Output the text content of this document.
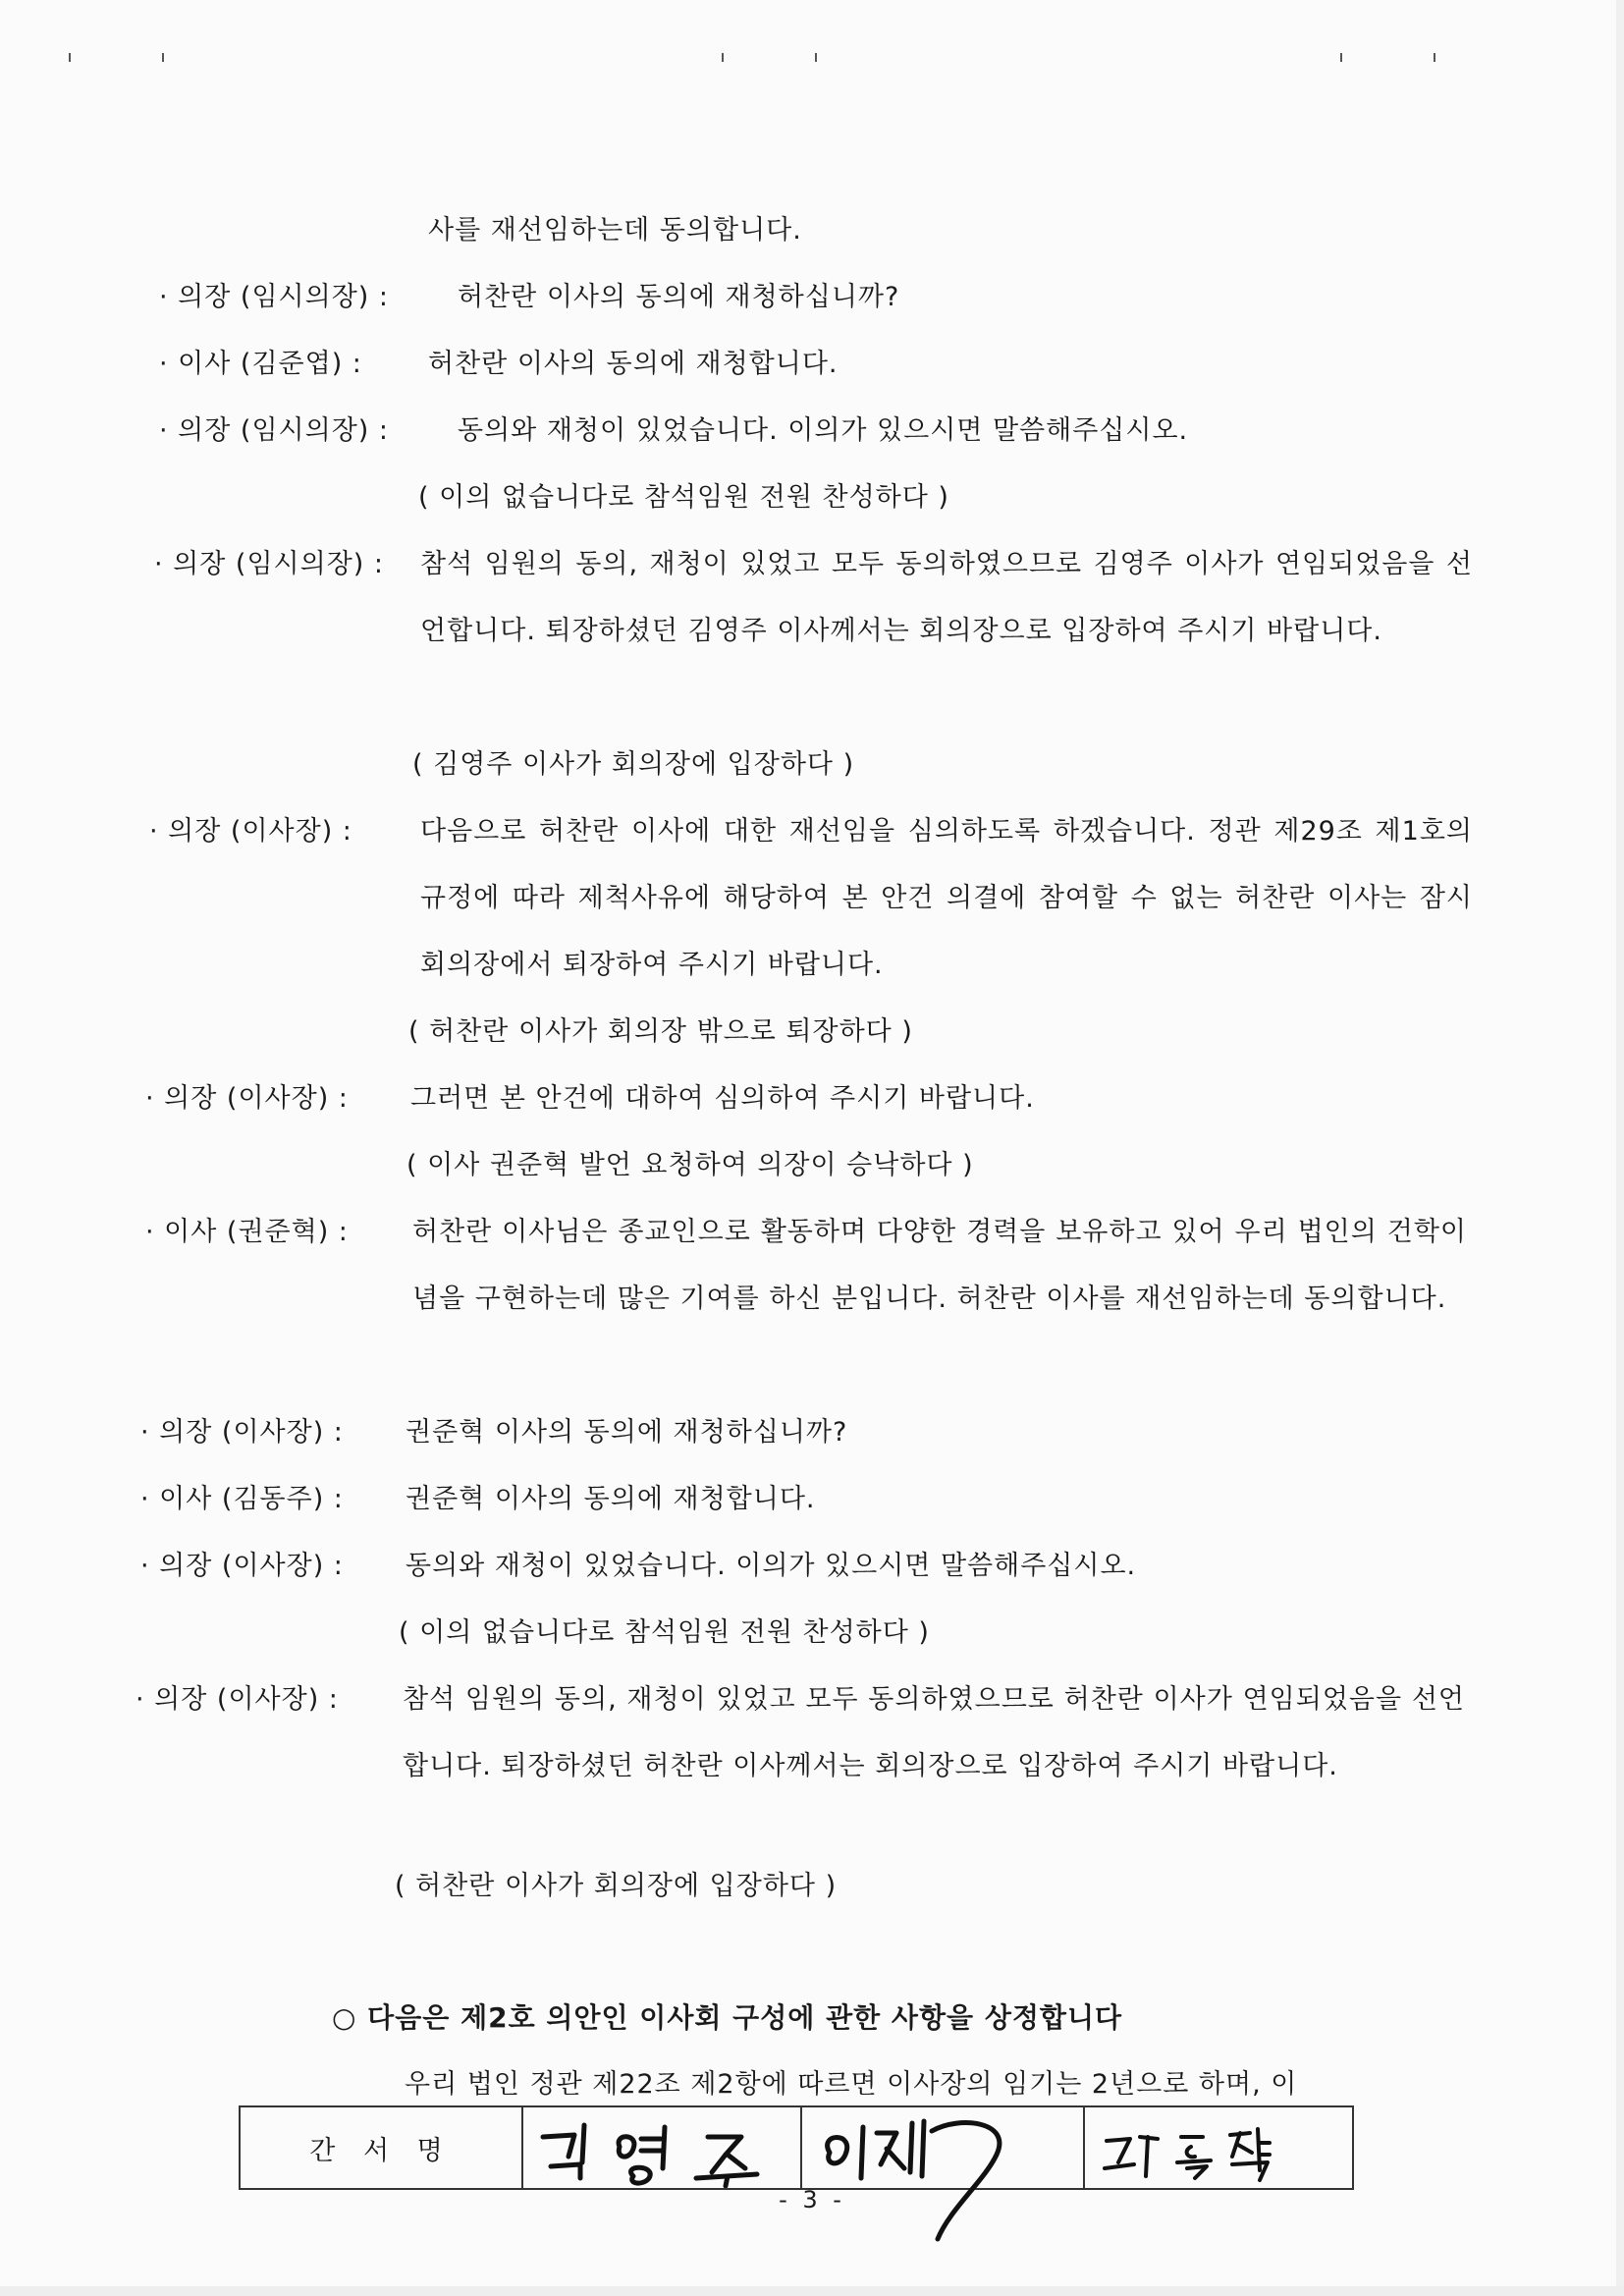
사를 재선임하는데 동의합니다.
· 의장 (임시의장) :	허찬란 이사의 동의에 재청하십니까?
· 이사 (김준엽) : 허찬란 이사의 동의에 재청합니다.
· 의장 (임시의장) :	동의와 재청이 있었습니다. 이의가 있으시면 말씀해주십시오.
( 이의 없습니다로 참석임원 전원 찬성하다 )
· 의장 (임시의장) : 참석 임원의 동의, 재청이 있었고 모두 동의하였으므로 김영주 이사가 연임되었음을 선언합니다. 퇴장하셨던 김영주 이사께서는 회의장으로 입장하여 주시기 바랍니다.
( 김영주 이사가 회의장에 입장하다 )
· 의장 (이사장) :	다음으로 허찬란 이사에 대한 재선임을 심의하도록 하겠습니다. 정관 제29조 제1호의 규정에 따라 제척사유에 해당하여 본 안건 의결에 참여할 수 없는 허찬란 이사는 잠시 회의장에서 퇴장하여 주시기 바랍니다.
( 허찬란 이사가 회의장 밖으로 퇴장하다 )
· 의장 (이사장) : 그러면 본 안건에 대하여 심의하여 주시기 바랍니다.
( 이사 권준혁 발언 요청하여 의장이 승낙하다 )
· 이사 (권준혁) : 허찬란 이사님은 종교인으로 활동하며 다양한 경력을 보유하고 있어 우리 법인의 건학이념을 구현하는데 많은 기여를 하신 분입니다. 허찬란 이사를 재선임하는데 동의합니다.
· 의장 (이사장) : 권준혁 이사의 동의에 재청하십니까?
· 이사 (김동주) : 권준혁 이사의 동의에 재청합니다.
· 의장 (이사장) : 동의와 재청이 있었습니다. 이의가 있으시면 말씀해주십시오.
( 이의 없습니다로 참석임원 전원 찬성하다 )
· 의장 (이사장) : 참석 임원의 동의, 재청이 있었고 모두 동의하였으므로 허찬란 이사가 연임되었음을 선언합니다. 퇴장하셨던 허찬란 이사께서는 회의장으로 입장하여 주시기 바랍니다.
( 허찬란 이사가 회의장에 입장하다 )
○ 다음은 제2호 의안인 이사회 구성에 관한 사항을 상정합니다
우리 법인 정관 제22조 제2항에 따르면 이사장의 임기는 2년으로 하며, 이
간 서 명
- 3 -
